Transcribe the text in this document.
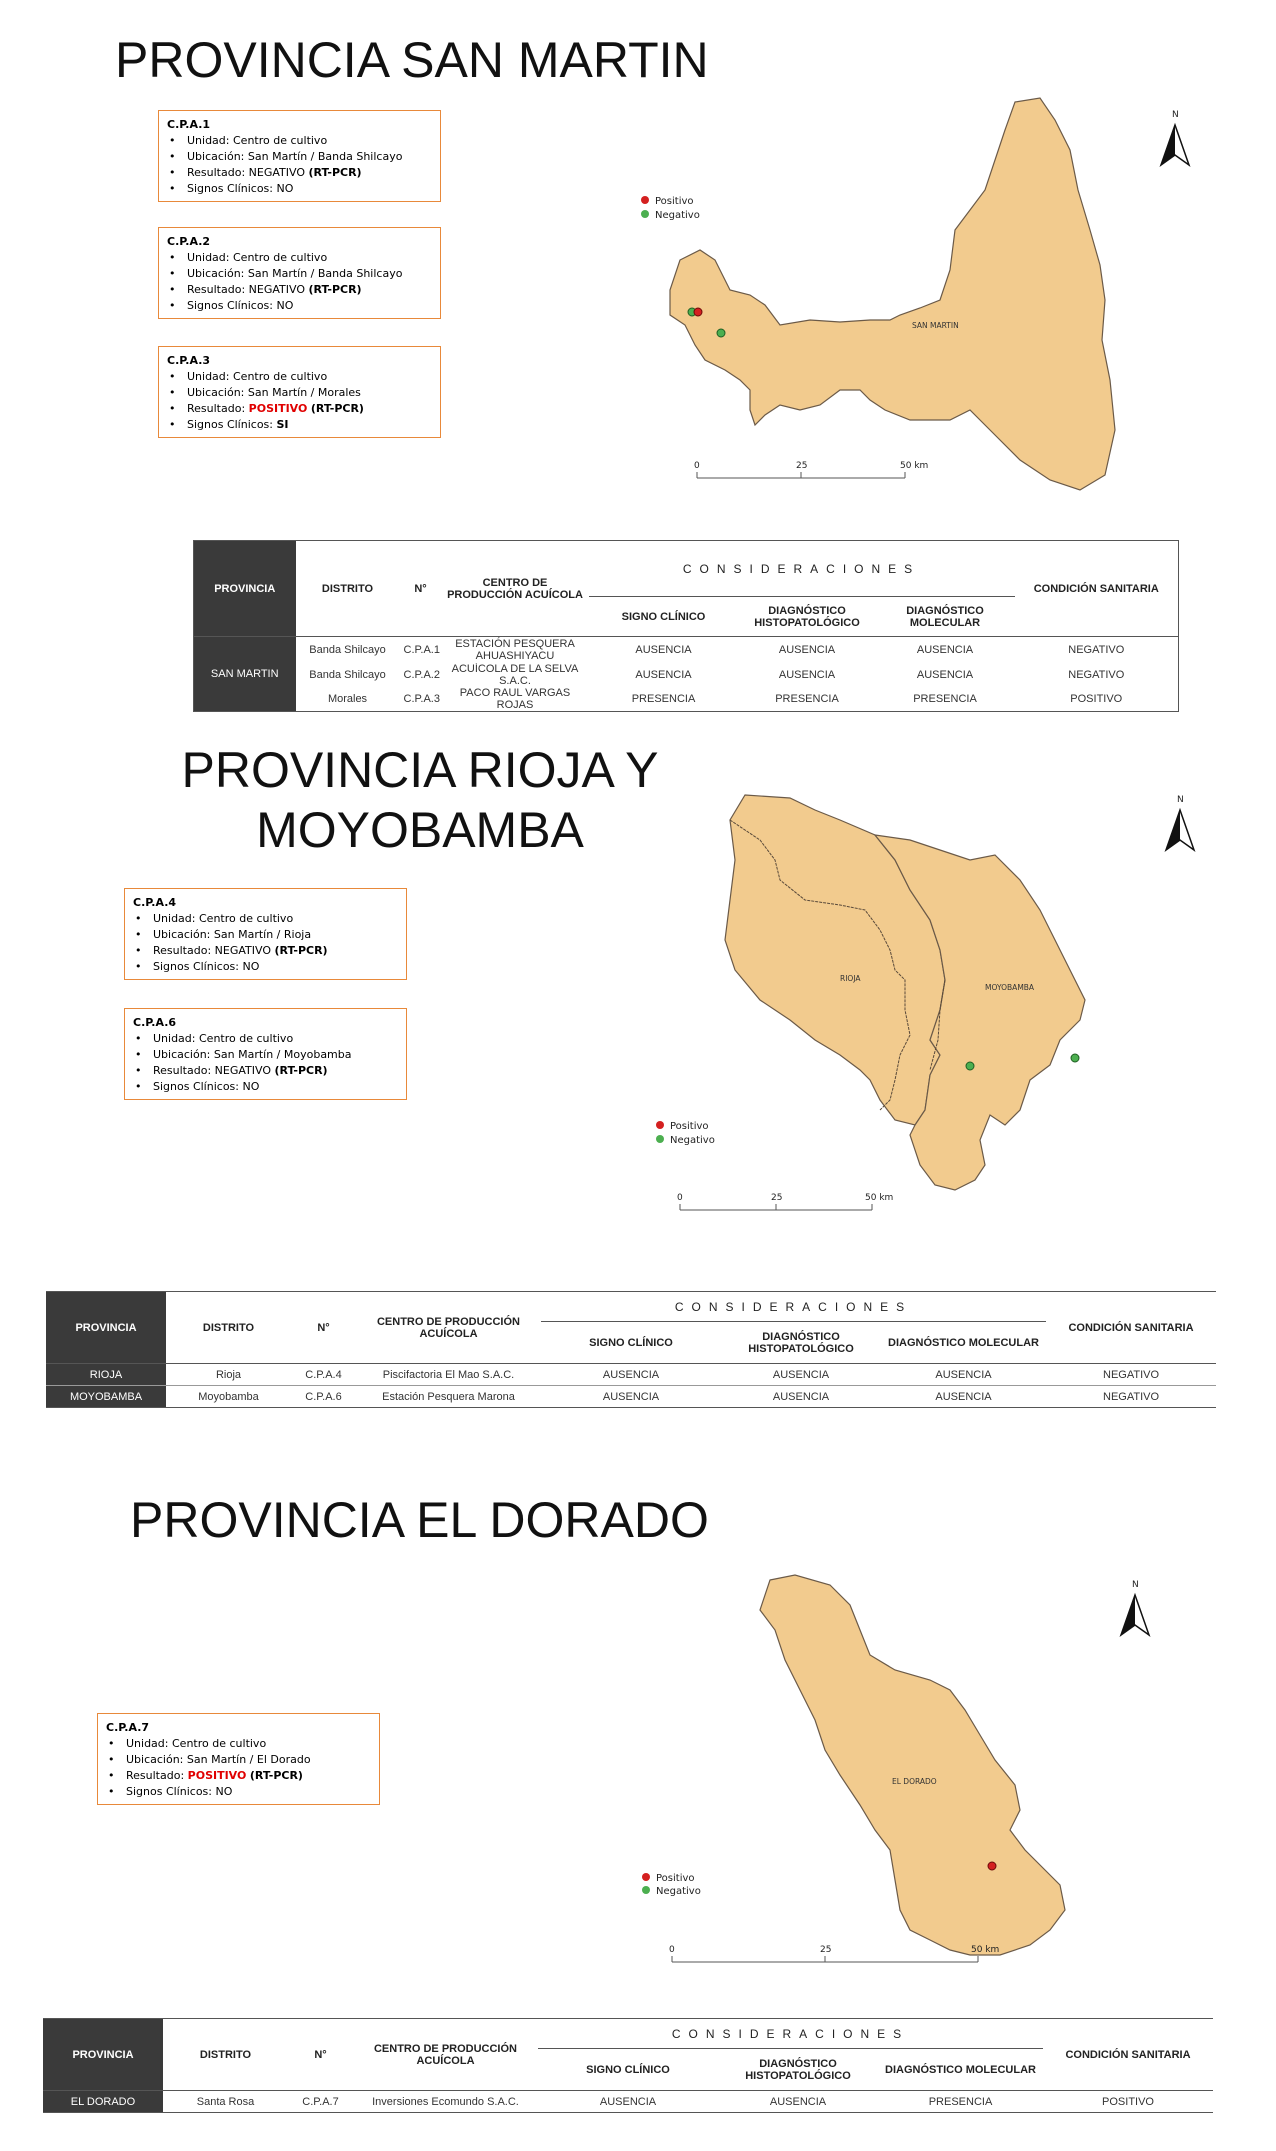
PROVINCIA SAN MARTIN
C.P.A.1
• Unidad: Centro de cultivo
• Ubicación: San Martín / Banda Shilcayo
• Resultado: NEGATIVO (RT-PCR)
• Signos Clínicos: NO
C.P.A.2
• Unidad: Centro de cultivo
• Ubicación: San Martín / Banda Shilcayo
• Resultado: NEGATIVO (RT-PCR)
• Signos Clínicos: NO
C.P.A.3
• Unidad: Centro de cultivo
• Ubicación: San Martín / Morales
• Resultado: POSITIVO (RT-PCR)
• Signos Clínicos: SI
SAN MARTIN
Positivo
Negativo
0	25	50 km
N
PROVINCIA	DISTRITO	N°	CENTRO DE PRODUCCIÓN ACUÍCOLA	CONSIDERACIONES			CONDICIÓN SANITARIA
				SIGNO CLÍNICO	DIAGNÓSTICO HISTOPATOLÓGICO	DIAGNÓSTICO MOLECULAR	
SAN MARTIN	Banda Shilcayo	C.P.A.1	ESTACIÓN PESQUERA AHUASHIYACU	AUSENCIA	AUSENCIA	AUSENCIA	NEGATIVO
	Banda Shilcayo	C.P.A.2	ACUÍCOLA DE LA SELVA S.A.C.	AUSENCIA	AUSENCIA	AUSENCIA	NEGATIVO
	Morales	C.P.A.3	PACO RAUL VARGAS ROJAS	PRESENCIA	PRESENCIA	PRESENCIA	POSITIVO
PROVINCIA RIOJA Y MOYOBAMBA
C.P.A.4
• Unidad: Centro de cultivo
• Ubicación: San Martín / Rioja
• Resultado: NEGATIVO (RT-PCR)
• Signos Clínicos: NO
C.P.A.6
• Unidad: Centro de cultivo
• Ubicación: San Martín / Moyobamba
• Resultado: NEGATIVO (RT-PCR)
• Signos Clínicos: NO
RIOJA
MOYOBAMBA
Positivo
Negativo
0	25	50 km
N
PROVINCIA	DISTRITO	N°	CENTRO DE PRODUCCIÓN ACUÍCOLA	CONSIDERACIONES			CONDICIÓN SANITARIA
				SIGNO CLÍNICO	DIAGNÓSTICO HISTOPATOLÓGICO	DIAGNÓSTICO MOLECULAR	
RIOJA	Rioja	C.P.A.4	Piscifactoria El Mao S.A.C.	AUSENCIA	AUSENCIA	AUSENCIA	NEGATIVO
MOYOBAMBA	Moyobamba	C.P.A.6	Estación Pesquera Marona	AUSENCIA	AUSENCIA	AUSENCIA	NEGATIVO
PROVINCIA EL DORADO
C.P.A.7
• Unidad: Centro de cultivo
• Ubicación: San Martín / El Dorado
• Resultado: POSITIVO (RT-PCR)
• Signos Clínicos: NO
EL DORADO
Positivo
Negativo
0	25	50 km
N
PROVINCIA	DISTRITO	N°	CENTRO DE PRODUCCIÓN ACUÍCOLA	CONSIDERACIONES			CONDICIÓN SANITARIA
				SIGNO CLÍNICO	DIAGNÓSTICO HISTOPATOLÓGICO	DIAGNÓSTICO MOLECULAR	
EL DORADO	Santa Rosa	C.P.A.7	Inversiones Ecomundo S.A.C.	AUSENCIA	AUSENCIA	PRESENCIA	POSITIVO
